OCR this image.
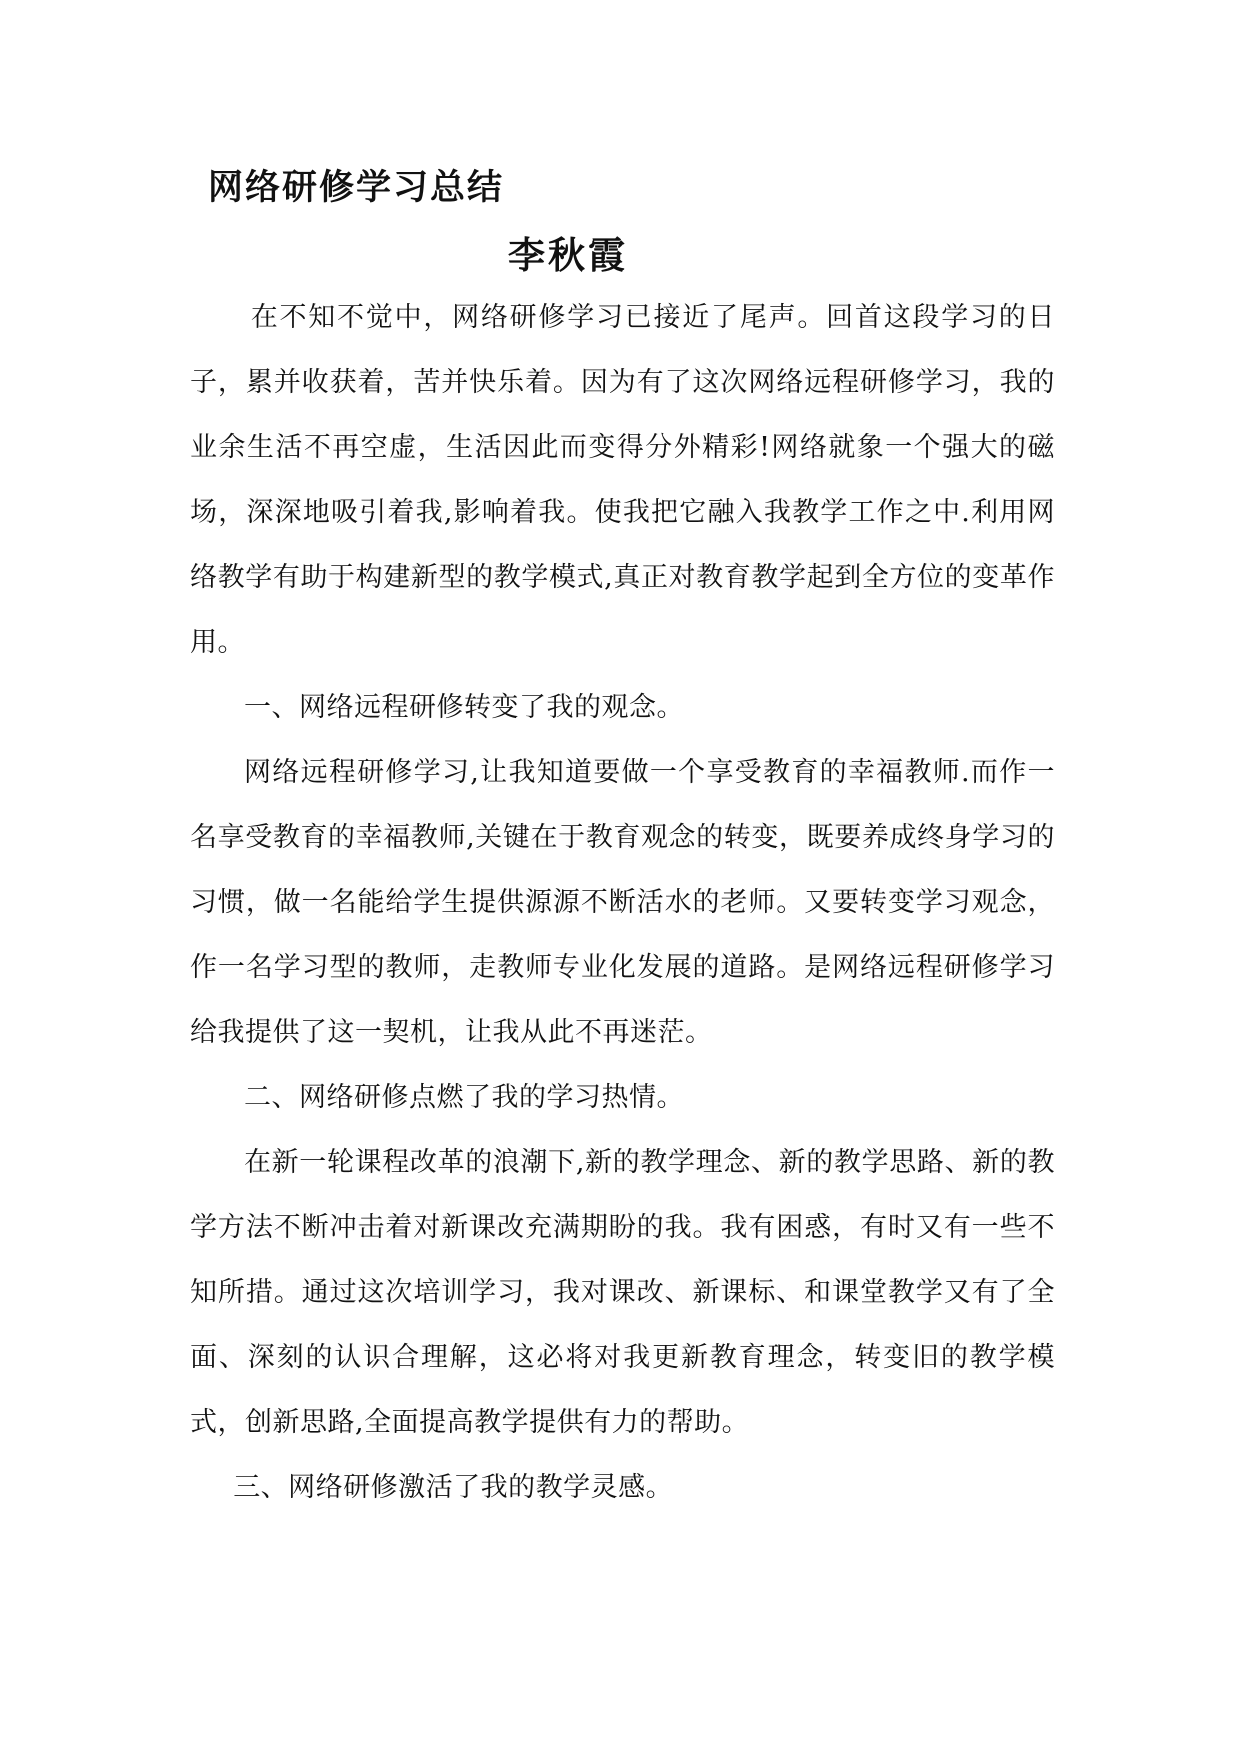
网络研修学习总结
李秋霞

在不知不觉中，网络研修学习已接近了尾声。回首这段学习的日子，累并收获着，苦并快乐着。因为有了这次网络远程研修学习，我的业余生活不再空虚，生活因此而变得分外精彩!网络就象一个强大的磁场，深深地吸引着我,影响着我。使我把它融入我教学工作之中.利用网络教学有助于构建新型的教学模式,真正对教育教学起到全方位的变革作用。

一、网络远程研修转变了我的观念。

网络远程研修学习,让我知道要做一个享受教育的幸福教师.而作一名享受教育的幸福教师,关键在于教育观念的转变，既要养成终身学习的习惯，做一名能给学生提供源源不断活水的老师。又要转变学习观念，作一名学习型的教师，走教师专业化发展的道路。是网络远程研修学习给我提供了这一契机，让我从此不再迷茫。

二、网络研修点燃了我的学习热情。

在新一轮课程改革的浪潮下,新的教学理念、新的教学思路、新的教学方法不断冲击着对新课改充满期盼的我。我有困惑，有时又有一些不知所措。通过这次培训学习，我对课改、新课标、和课堂教学又有了全面、深刻的认识合理解，这必将对我更新教育理念，转变旧的教学模式，创新思路,全面提高教学提供有力的帮助。

三、网络研修激活了我的教学灵感。
